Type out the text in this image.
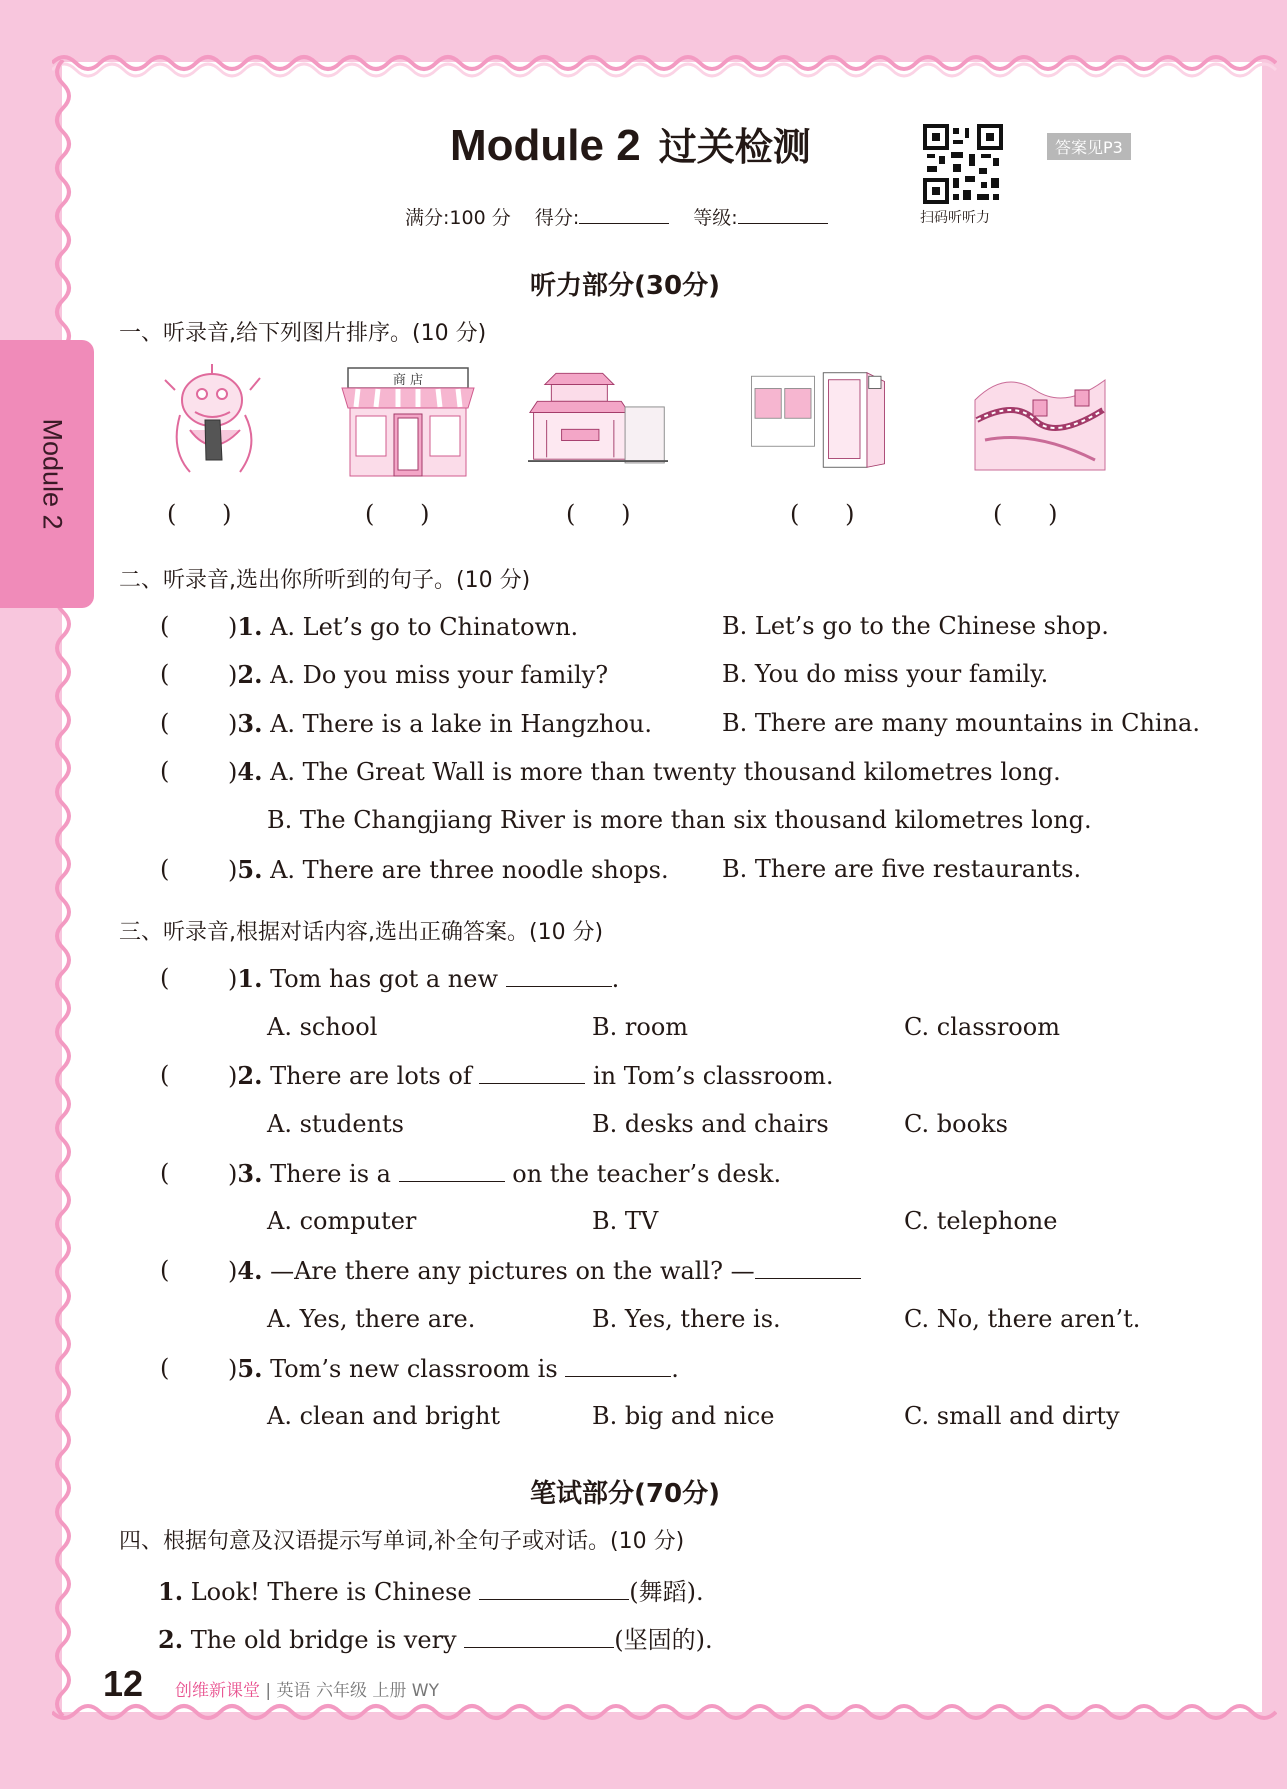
Module 2
Module 2 过关检测
扫码听听力
答案见P3
满分:100 分 得分:	等级:
听力部分(30分)
一、听录音,给下列图片排序。(10 分)
商 店
(      )	(      )	(      )	(      )	(      )
二、听录音,选出你所听到的句子。(10 分)
( )1. A. Let’s go to Chinatown.	B. Let’s go to the Chinese shop.
( )2. A. Do you miss your family?	B. You do miss your family.
( )3. A. There is a lake in Hangzhou.	B. There are many mountains in China.
( )4. A. The Great Wall is more than twenty thousand kilometres long.
B. The Changjiang River is more than six thousand kilometres long.
( )5. A. There are three noodle shops. B. There are five restaurants.
三、听录音,根据对话内容,选出正确答案。(10 分)
( )1. Tom has got a new	.
A. school	B. room	C. classroom
( )2. There are lots of	in Tom’s classroom.
A. students	B. desks and chairs	C. books
( )3. There is a	on the teacher’s desk.
A. computer	B. TV	C. telephone
( )4. —Are there any pictures on the wall? —
A. Yes, there are.	B. Yes, there is.	C. No, there aren’t.
( )5. Tom’s new classroom is	.
A. clean and bright	B. big and nice	C. small and dirty
笔试部分(70分)
四、根据句意及汉语提示写单词,补全句子或对话。(10 分)
1. Look! There is Chinese	(舞蹈).
2. The old bridge is very	(坚固的).
12 创维新课堂 | 英语 六年级 上册 WY
